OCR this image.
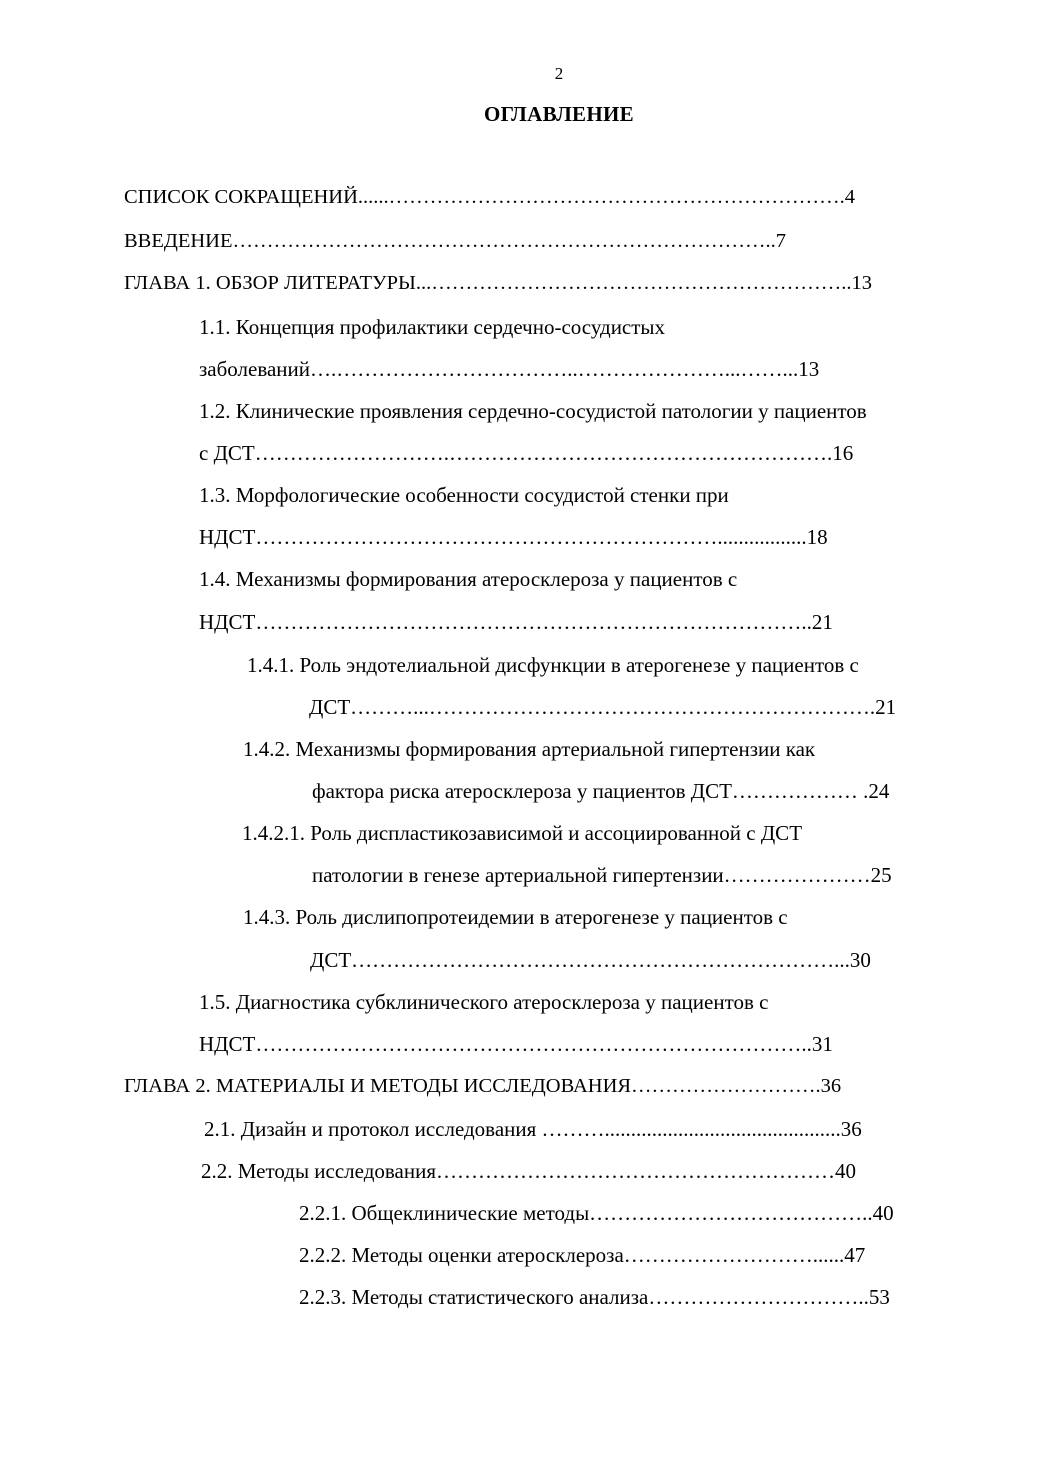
2
ОГЛАВЛЕНИЕ
СПИСОК СОКРАЩЕНИЙ......………………………………………………………….4
ВВЕДЕНИЕ……………………………………………………………………..7
ГЛАВА 1. ОБЗОР ЛИТЕРАТУРЫ...……………………………………………………..13
1.1. Концепция профилактики сердечно-сосудистых
заболеваний….……………………………..…………………...……...13
1.2. Клинические проявления сердечно-сосудистой патологии у пациентов
с ДСТ……………………….……………………………………………….16
1.3. Морфологические особенности сосудистой стенки при
НДСТ………………………………………………………….................18
1.4. Механизмы формирования атеросклероза у пациентов с
НДСТ……………………………………………………………………..21
1.4.1. Роль эндотелиальной дисфункции в атерогенезе у пациентов с
ДСТ………...……………………………………………………….21
1.4.2. Механизмы формирования артериальной гипертензии как
фактора риска атеросклероза у пациентов ДСТ……………… .24
1.4.2.1. Роль диспластикозависимой и ассоциированной с ДСТ
патологии в генезе артериальной гипертензии…………………25
1.4.3. Роль дислипопротеидемии в атерогенезе у пациентов с
ДСТ……………………………………………………………...30
1.5. Диагностика субклинического атеросклероза у пациентов с
НДСТ……………………………………………………………………..31
ГЛАВА 2. МАТЕРИАЛЫ И МЕТОДЫ ИССЛЕДОВАНИЯ……………………….36
2.1. Дизайн и протокол исследования ……….............................................36
2.2. Методы исследования…………………………………………………40
2.2.1. Общеклинические методы…………………………………..40
2.2.2. Методы оценки атеросклероза………………………......47
2.2.3. Методы статистического анализа…………………………..53
